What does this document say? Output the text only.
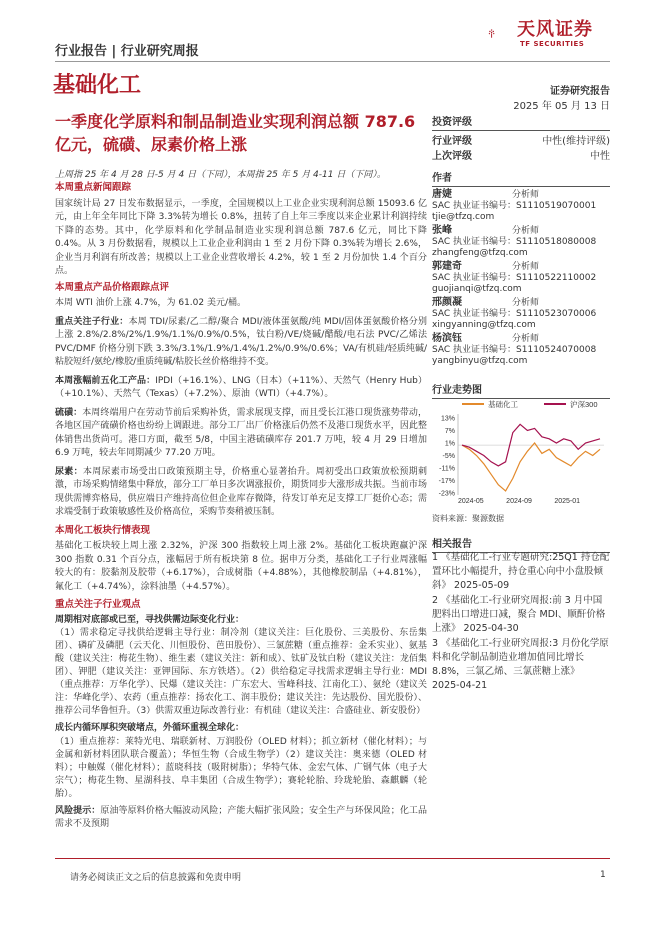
天风证券
TF SECURITIES
行业报告 | 行业研究周报
基础化工
一季度化学原料和制品制造业实现利润总额 787.6 亿元，硫磺、尿素价格上涨
证券研究报告
2025 年 05 月 13 日
投资评级
行业评级	中性(维持评级)
上次评级	中性
作者
唐婕	分析师
SAC 执业证书编号：S1110519070001
tjie@tfzq.com
张峰	分析师
SAC 执业证书编号：S1110518080008
zhangfeng@tfzq.com
郭建奇	分析师
SAC 执业证书编号：S1110522110002
guojianqi@tfzq.com
邢颜凝	分析师
SAC 执业证书编号：S1110523070006
xingyanning@tfzq.com
杨滨钰	分析师
SAC 执业证书编号：S1110524070008
yangbinyu@tfzq.com
行业走势图
基础化工	沪深300
13%
7%
1%
-5%
-11%
-17%
-23%
2024-05	2024-09	2025-01
资料来源：聚源数据
相关报告
1 《基础化工-行业专题研究:25Q1 持仓配置环比小幅提升，持仓重心向中小盘股倾斜》 2025-05-09
2 《基础化工-行业研究周报:前 3 月中国肥料出口增进口减，聚合 MDI、顺酐价格上涨》 2025-04-30
3 《基础化工-行业研究周报:3 月份化学原料和化学制品制造业增加值同比增长 8.8%，三氯乙烯、三氯蔗糖上涨》 2025-04-21
上周指 25 年 4 月 28 日-5 月 4 日（下同），本周指 25 年 5 月 4-11 日（下同）。
本周重点新闻跟踪

国家统计局 27 日发布数据显示，一季度，全国规模以上工业企业实现利润总额 15093.6 亿元，由上年全年同比下降 3.3%转为增长 0.8%，扭转了自上年三季度以来企业累计利润持续下降的态势。其中，化学原料和化学制品制造业实现利润总额 787.6 亿元，同比下降 0.4%。从 3 月份数据看，规模以上工业企业利润由 1 至 2 月份下降 0.3%转为增长 2.6%，企业当月利润有所改善；规模以上工业企业营收增长 4.2%，较 1 至 2 月份加快 1.4 个百分点。

本周重点产品价格跟踪点评

本周 WTI 油价上涨 4.7%，为 61.02 美元/桶。

重点关注子行业：本周 TDI/尿素/乙二醇/聚合 MDI/液体蛋氨酸/纯 MDI/固体蛋氨酸价格分别上涨 2.8%/2.8%/2%/1.9%/1.1%/0.9%/0.5%，钛白粉/VE/烧碱/醋酸/电石法 PVC/乙烯法 PVC/DMF 价格分别下跌 3.3%/3.1%/1.9%/1.4%/1.2%/0.9%/0.6%；VA/有机硅/轻质纯碱/粘胶短纤/氨纶/橡胶/重质纯碱/粘胶长丝价格维持不变。

本周涨幅前五化工产品：IPDI（+16.1%）、LNG（日本）（+11%）、天然气（Henry Hub）（+10.1%）、天然气（Texas）（+7.2%）、原油（WTI）（+4.7%）。

硫磺：本周终端用户在劳动节前后采购补货，需求展现支撑，而且受长江港口现货涨势带动，各地区国产硫磺价格也纷纷上调跟进。部分工厂出厂价格涨后仍然不及港口现货水平，因此整体销售出货尚可。港口方面，截至 5/8，中国主港硫磺库存 201.7 万吨，较 4 月 29 日增加 6.9 万吨，较去年同期减少 77.20 万吨。

尿素：本周尿素市场受出口政策预期主导，价格重心显著抬升。周初受出口政策放松预期刺激，市场采购情绪集中释放，部分工厂单日多次调涨报价，期货同步大涨形成共振。当前市场现供需博弈格局，供应端日产维持高位但企业库存微降，待发订单充足支撑工厂挺价心态；需求端受制于政策敏感性及价格高位，采购节奏稍被压制。

本周化工板块行情表现

基础化工板块较上周上涨 2.32%，沪深 300 指数较上周上涨 2%。基础化工板块跑赢沪深 300 指数 0.31 个百分点，涨幅居于所有板块第 8 位。据申万分类，基础化工子行业周涨幅较大的有：胶黏剂及胶带（+6.17%），合成树脂（+4.88%），其他橡胶制品（+4.81%），氟化工（+4.74%），涂料油墨（+4.57%）。

重点关注子行业观点
周期相对底部或已至，寻找供需边际变化行业：

（1）需求稳定寻找供给逻辑主导行业：制冷剂（建议关注：巨化股份、三美股份、东岳集团）、磷矿及磷肥（云天化、川恒股份、芭田股份）、三氯蔗糖（重点推荐：金禾实业）、氨基酸（建议关注：梅花生物）、维生素（建议关注：新和成）、钛矿及钛白粉（建议关注：龙佰集团）、钾肥（建议关注：亚钾国际、东方铁塔）。（2）供给稳定寻找需求逻辑主导行业：MDI（重点推荐：万华化学）、民爆（建议关注：广东宏大、雪峰科技、江南化工）、氨纶（建议关注：华峰化学）、农药（重点推荐：扬农化工、润丰股份；建议关注：先达股份、国光股份）、推荐公司华鲁恒升。（3）供需双重边际改善行业：有机硅（建议关注：合盛硅业、新安股份）

成长内循环厚积突破堵点，外循环重视全球化：

（1）重点推荐：莱特光电、瑞联新材、万润股份（OLED 材料）；抓立新材（催化材料）；与金属和新材料团队联合覆盖）；华恒生物（合成生物学）（2）建议关注：奥来德（OLED 材料）；中触媒（催化材料）；蓝晓科技（吸附树脂）；华特气体、金宏气体、广钢气体（电子大宗气）；梅花生物、星湖科技、阜丰集团（合成生物学）；赛轮轮胎、玲珑轮胎、森麒麟（轮胎）。

风险提示：原油等原料价格大幅波动风险；产能大幅扩张风险；安全生产与环保风险；化工品需求不及预期

请务必阅读正文之后的信息披露和免责申明	1
